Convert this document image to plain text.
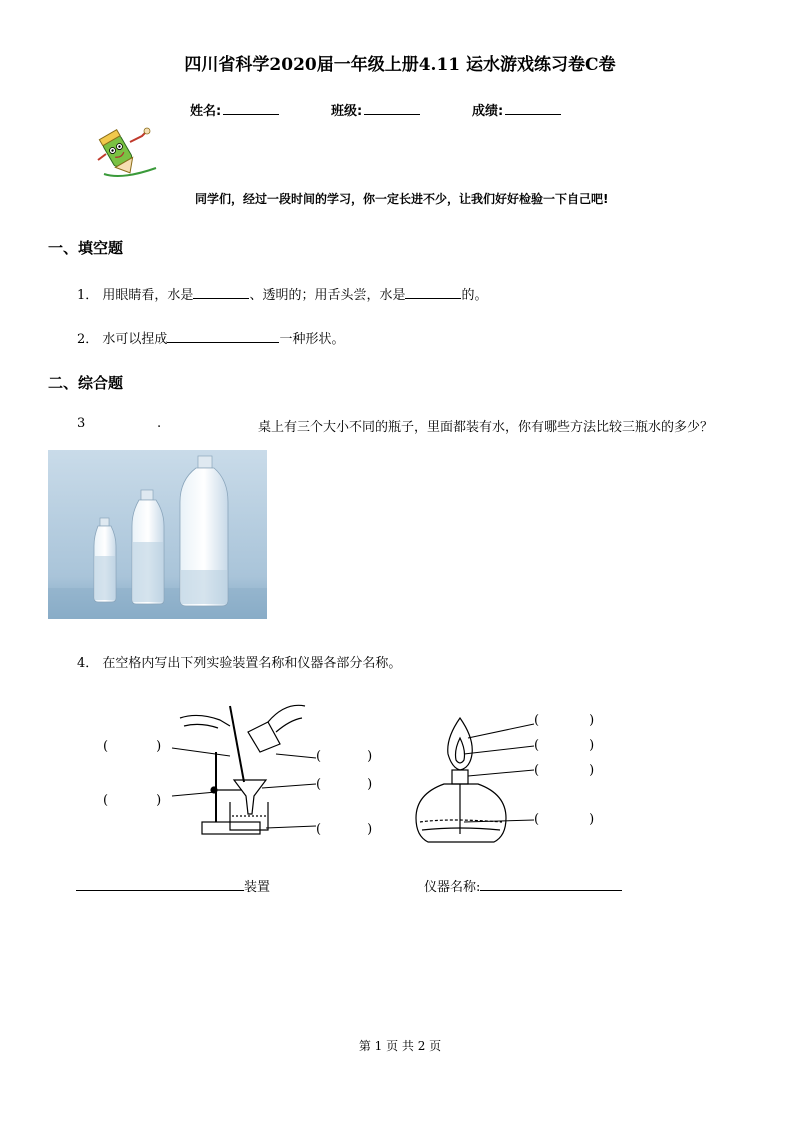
四川省科学2020届一年级上册4.11 运水游戏练习卷C卷
姓名:	班级:	成绩:
同学们，经过一段时间的学习，你一定长进不少，让我们好好检验一下自己吧!
一、填空题
1． 用眼睛看，水是	、透明的；用舌头尝，水是	的。
2． 水可以捏成	一种形状。
二、综合题
3	.	桌上有三个大小不同的瓶子，里面都装有水，你有哪些方法比较三瓶水的多少？
4． 在空格内写出下列实验装置名称和仪器各部分名称。
(	)
(	)
(	)
(	)
(	)
(	)
(	)
(	)
(	)
装置	仪器名称:
第 1 页 共 2 页
